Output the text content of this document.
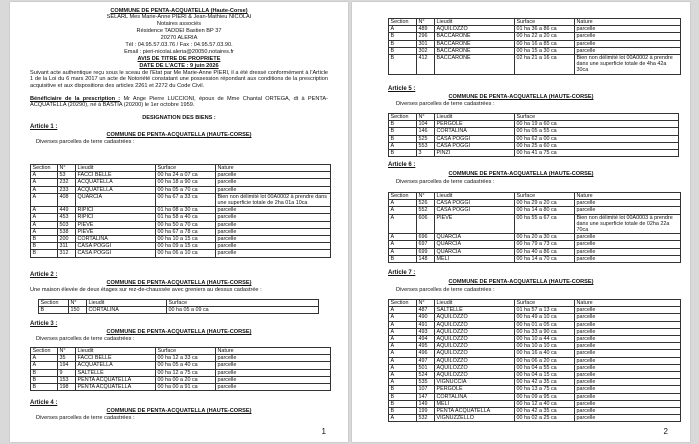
COMMUNE DE PENTA-ACQUATELLA (Haute-Corse)
SELARL Mes Marie-Anne PIERI & Jean-Mathieu NICOLAI
Notaires associés
Résidence TADDEI Bastien BP 37
20270 ALERIA
Tél : 04.95.57.03.76 / Fax : 04.95.57.03.90.
Email : pieri-nicolai.aleria@20050.notaires.fr
AVIS DE TITRE DE PROPRIETE
DATE DE L'ACTE : 9 juin 2026
Suivant acte authentique reçu sous le sceau de l'Etat par Me Marie-Anne PIERI, il a été dressé conformément à l'Article 1 de la Loi du 6 mars 2017 un acte de Notoriété constatant une possession répondant aux conditions de la prescription acquisitive et aux dispositions des articles 2261 et 2272 du Code Civil.
Bénéficiaire de la prescription : Mr Ange Pierre LUCCIONI, époux de Mme Chantal ORTEGA, dt à PENTA-ACQUATELLA (20290), né à BASTIA (20200) le 1er octobre 1959.
DESIGNATION DES BIENS :
Article 1 :
COMMUNE DE PENTA-ACQUATELLA (HAUTE-CORSE)
Diverses parcelles de terre cadastrées :
Section	N°	Lieudit	Surface	Nature
A	53	FACCI BELLE	00 ha 24 a 07 ca	parcelle
A	232	ACQUATELLA	00 ha 18 a 90 ca	parcelle
A	233	ACQUATELLA	00 ha 05 a 70 ca	parcelle
A	408	QUARCIA	00 ha 67 a 33 ca	Bien non délimité lot 00A0002 à prendre dans une superficie totale de 2ha 01a 10ca
A	449	RIPICI	01 ha 08 a 30 ca	parcelle
A	453	RIPICI	01 ha 58 a 40 ca	parcelle
A	503	PIEVE	00 ha 50 a 70 ca	parcelle
A	538	PIEVE	00 ha 67 a 78 ca	parcelle
B	200	CORTALINA	00 ha 10 a 15 ca	parcelle
B	311	CASA POGGI	00 ha 09 a 15 ca	parcelle
B	312	CASA POGGI	00 ha 06 a 10 ca	parcelle
Article 2 :
COMMUNE DE PENTA-ACQUATELLA (HAUTE-CORSE)
Une maison élevée de deux étages sur rez-de-chaussée avec greniers au dessus cadastrée :
Section	N°	Lieudit	Surface
B	150	CORTALINA	00 ha 05 a 09 ca
Article 3 :
COMMUNE DE PENTA-ACQUATELLA (HAUTE-CORSE)
Diverses parcelles de terre cadastrées :
Section	N°	Lieudit	Surface	Nature
A	35	FACCI BELLE	00 ha 12 a 33 ca	parcelle
A	194	ACQUATELLA	00 ha 05 a 40 ca	parcelle
B	9	SALTELLE	00 ha 12 a 75 ca	parcelle
B	153	PENTA ACQUATELLA	00 ha 00 a 20 ca	parcelle
B	198	PENTA ACQUATELLA	00 ha 00 a 91 ca	parcelle
Article 4 :
COMMUNE DE PENTA-ACQUATELLA (HAUTE-CORSE)
Diverses parcelles de terre cadastrées :
1
Section	N°	Lieudit	Surface	Nature
A	489	AQUILOZZO	01 ha 36 a 86 ca	parcelle
B	296	BACCARONE	00 ha 22 a 20 ca	parcelle
B	301	BACCARONE	00 ha 16 a 85 ca	parcelle
B	302	BACCARONE	00 ha 15 a 30 ca	parcelle
B	412	BACCARONE	02 ha 21 a 16 ca	Bien non délimité lot 00A0002 à prendre dans une superficie totale de 4ha 42a 30ca
Article 5 :
COMMUNE DE PENTA-ACQUATELLA (HAUTE-CORSE)
Diverses parcelles de terre cadastrées :
Section	N°	Lieudit	Surface
B	104	PERGOLE	00 ha 19 a 60 ca
B	146	CORTALINA	00 ha 05 a 55 ca
B	525	CASA POGGI	00 ha 62 a 00 ca
A	553	CASA POGGI	00 ha 25 a 60 ca
B	3	PINZI	00 ha 41 a 75 ca
Article 6 :
COMMUNE DE PENTA-ACQUATELLA (HAUTE-CORSE)
Diverses parcelles de terre cadastrées :
Section	N°	Lieudit	Surface	Nature
A	526	CASA POGGI	00 ha 29 a 20 ca	parcelle
A	552	CASA POGGI	00 ha 14 a 80 ca	parcelle
A	606	PIEVE	00 ha 55 a 67 ca	Bien non délimité lot 00A0003 à prendre dans une superficie totale de 02ha 22a 70ca
A	696	QUARCIA	00 ha 20 a 30 ca	parcelle
A	697	QUARCIA	00 ha 79 a 73 ca	parcelle
A	699	QUARCIA	00 ha 40 a 86 ca	parcelle
B	148	MELI	00 ha 14 a 70 ca	parcelle
Article 7 :
COMMUNE DE PENTA-ACQUATELLA (HAUTE-CORSE)
Diverses parcelles de terre cadastrées :
Section	N°	Lieudit	Surface	Nature
A	487	SALTELLE	01 ha 57 a 13 ca	parcelle
A	490	AQUILOZZO	00 ha 49 a 10 ca	parcelle
A	491	AQUILOZZO	00 ha 01 a 05 ca	parcelle
A	493	AQUILOZZO	00 ha 33 a 90 ca	parcelle
A	494	AQUILOZZO	00 ha 10 a 44 ca	parcelle
A	495	AQUILOZZO	00 ha 10 a 10 ca	parcelle
A	496	AQUILOZZO	00 ha 16 a 40 ca	parcelle
A	497	AQUILOZZO	00 ha 06 a 20 ca	parcelle
A	501	AQUILOZZO	00 ha 04 a 55 ca	parcelle
A	524	AQUILOZZO	00 ha 04 a 15 ca	parcelle
A	535	VIGNUCCIA	00 ha 42 a 35 ca	parcelle
B	107	PERGOLE	00 ha 13 a 75 ca	parcelle
B	147	CORTALINA	00 ha 09 a 95 ca	parcelle
B	149	MELI	00 ha 12 a 40 ca	parcelle
B	199	PENTA ACQUATELLA	00 ha 42 a 35 ca	parcelle
A	532	VIGNUZZELLO	00 ha 02 a 25 ca	parcelle
2
